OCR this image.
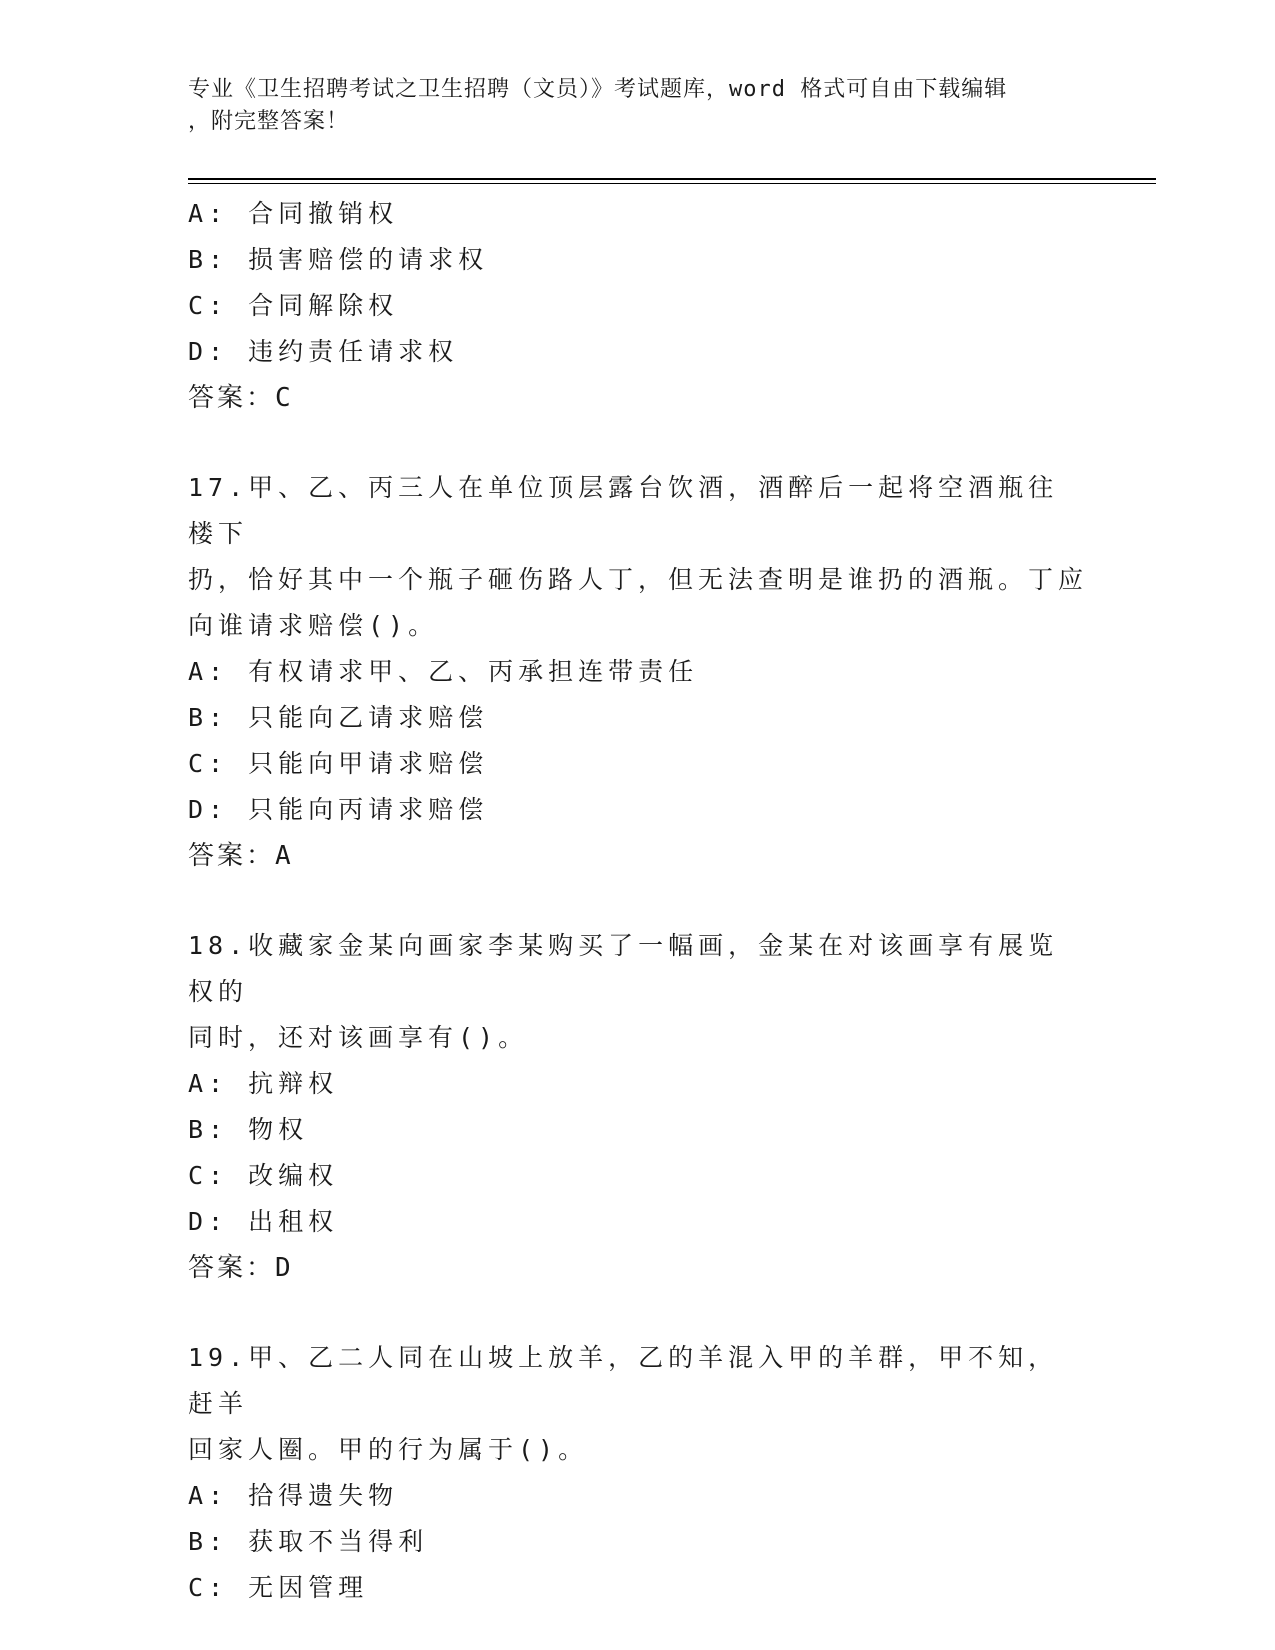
专业《卫生招聘考试之卫生招聘（文员）》考试题库，word 格式可自由下载编辑
，附完整答案！
A: 合同撤销权
B: 损害赔偿的请求权
C: 合同解除权
D: 违约责任请求权
答案：C
17.甲、乙、丙三人在单位顶层露台饮酒，酒醉后一起将空酒瓶往楼下
扔，恰好其中一个瓶子砸伤路人丁，但无法查明是谁扔的酒瓶。丁应
向谁请求赔偿()。
A: 有权请求甲、乙、丙承担连带责任
B: 只能向乙请求赔偿
C: 只能向甲请求赔偿
D: 只能向丙请求赔偿
答案：A
18.收藏家金某向画家李某购买了一幅画，金某在对该画享有展览权的
同时，还对该画享有()。
A: 抗辩权
B: 物权
C: 改编权
D: 出租权
答案：D
19.甲、乙二人同在山坡上放羊，乙的羊混入甲的羊群，甲不知，赶羊
回家人圈。甲的行为属于()。
A: 拾得遗失物
B: 获取不当得利
C: 无因管理
